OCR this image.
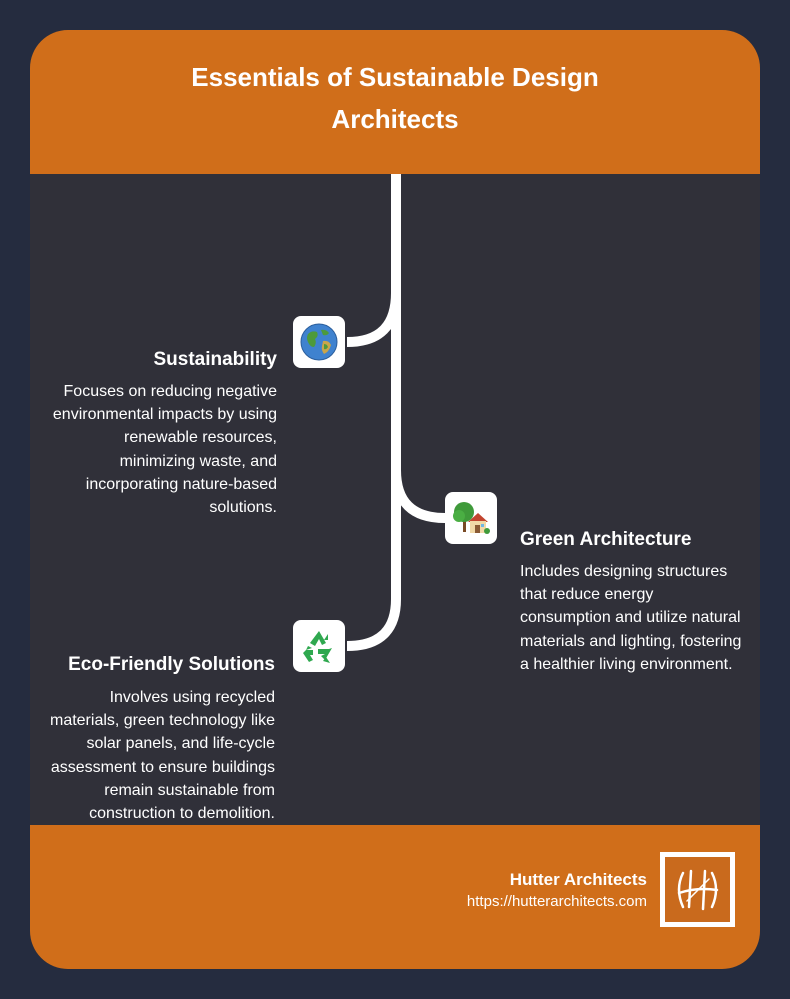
Essentials of Sustainable Design
Architects
Sustainability
Focuses on reducing negative
environmental impacts by using
renewable resources,
minimizing waste, and
incorporating nature-based
solutions.
Green Architecture
Includes designing structures
that reduce energy
consumption and utilize natural
materials and lighting, fostering
a healthier living environment.
Eco-Friendly Solutions
Involves using recycled
materials, green technology like
solar panels, and life-cycle
assessment to ensure buildings
remain sustainable from
construction to demolition.
Hutter Architects
https://hutterarchitects.com
